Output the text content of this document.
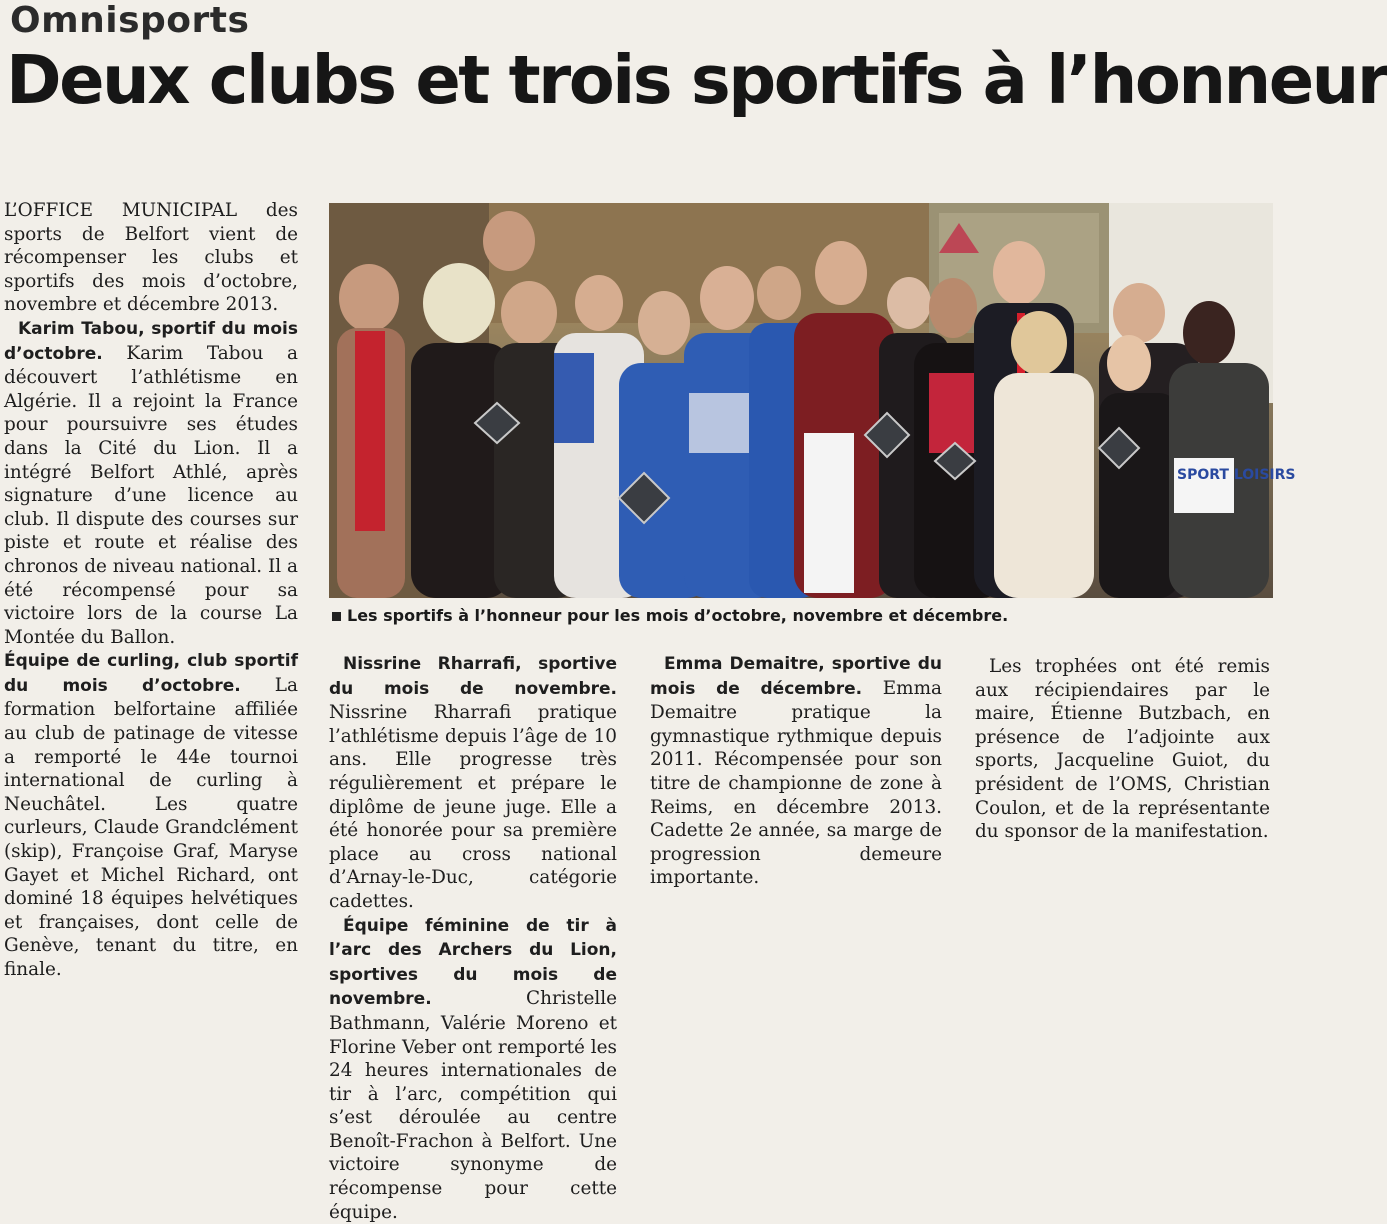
Omnisports
Deux clubs et trois sportifs à l’honneur

L’OFFICE MUNICIPAL des sports de Belfort vient de récompenser les clubs et sportifs des mois d’octobre, novembre et décembre 2013.

Karim Tabou, sportif du mois d’octobre. Karim Tabou a découvert l’athlétisme en Algérie. Il a rejoint la France pour poursuivre ses études dans la Cité du Lion. Il a intégré Belfort Athlé, après signature d’une licence au club. Il dispute des courses sur piste et route et réalise des chronos de niveau national. Il a été récompensé pour sa victoire lors de la course La Montée du Ballon.

Équipe de curling, club sportif du mois d’octobre. La formation belfortaine affiliée au club de patinage de vitesse a remporté le 44e tournoi international de curling à Neuchâtel. Les quatre curleurs, Claude Grandclément (skip), Françoise Graf, Maryse Gayet et Michel Richard, ont dominé 18 équipes helvétiques et françaises, dont celle de Genève, tenant du titre, en finale.

SPORT LOISIRS
Les sportifs à l’honneur pour les mois d’octobre, novembre et décembre.

Nissrine Rharrafi, sportive du mois de novembre. Nissrine Rharrafi pratique l’athlétisme depuis l’âge de 10 ans. Elle progresse très régulièrement et prépare le diplôme de jeune juge. Elle a été honorée pour sa première place au cross national d’Arnay-le-Duc, catégorie cadettes.

Équipe féminine de tir à l’arc des Archers du Lion, sportives du mois de novembre. Christelle Bathmann, Valérie Moreno et Florine Veber ont remporté les 24 heures internationales de tir à l’arc, compétition qui s’est déroulée au centre Benoît-Frachon à Belfort. Une victoire synonyme de récompense pour cette équipe.

Emma Demaitre, sportive du mois de décembre. Emma Demaitre pratique la gymnastique rythmique depuis 2011. Récompensée pour son titre de championne de zone à Reims, en décembre 2013. Cadette 2e année, sa marge de progression demeure importante.

Les trophées ont été remis aux récipiendaires par le maire, Étienne Butzbach, en présence de l’adjointe aux sports, Jacqueline Guiot, du président de l’OMS, Christian Coulon, et de la représentante du sponsor de la manifestation.
